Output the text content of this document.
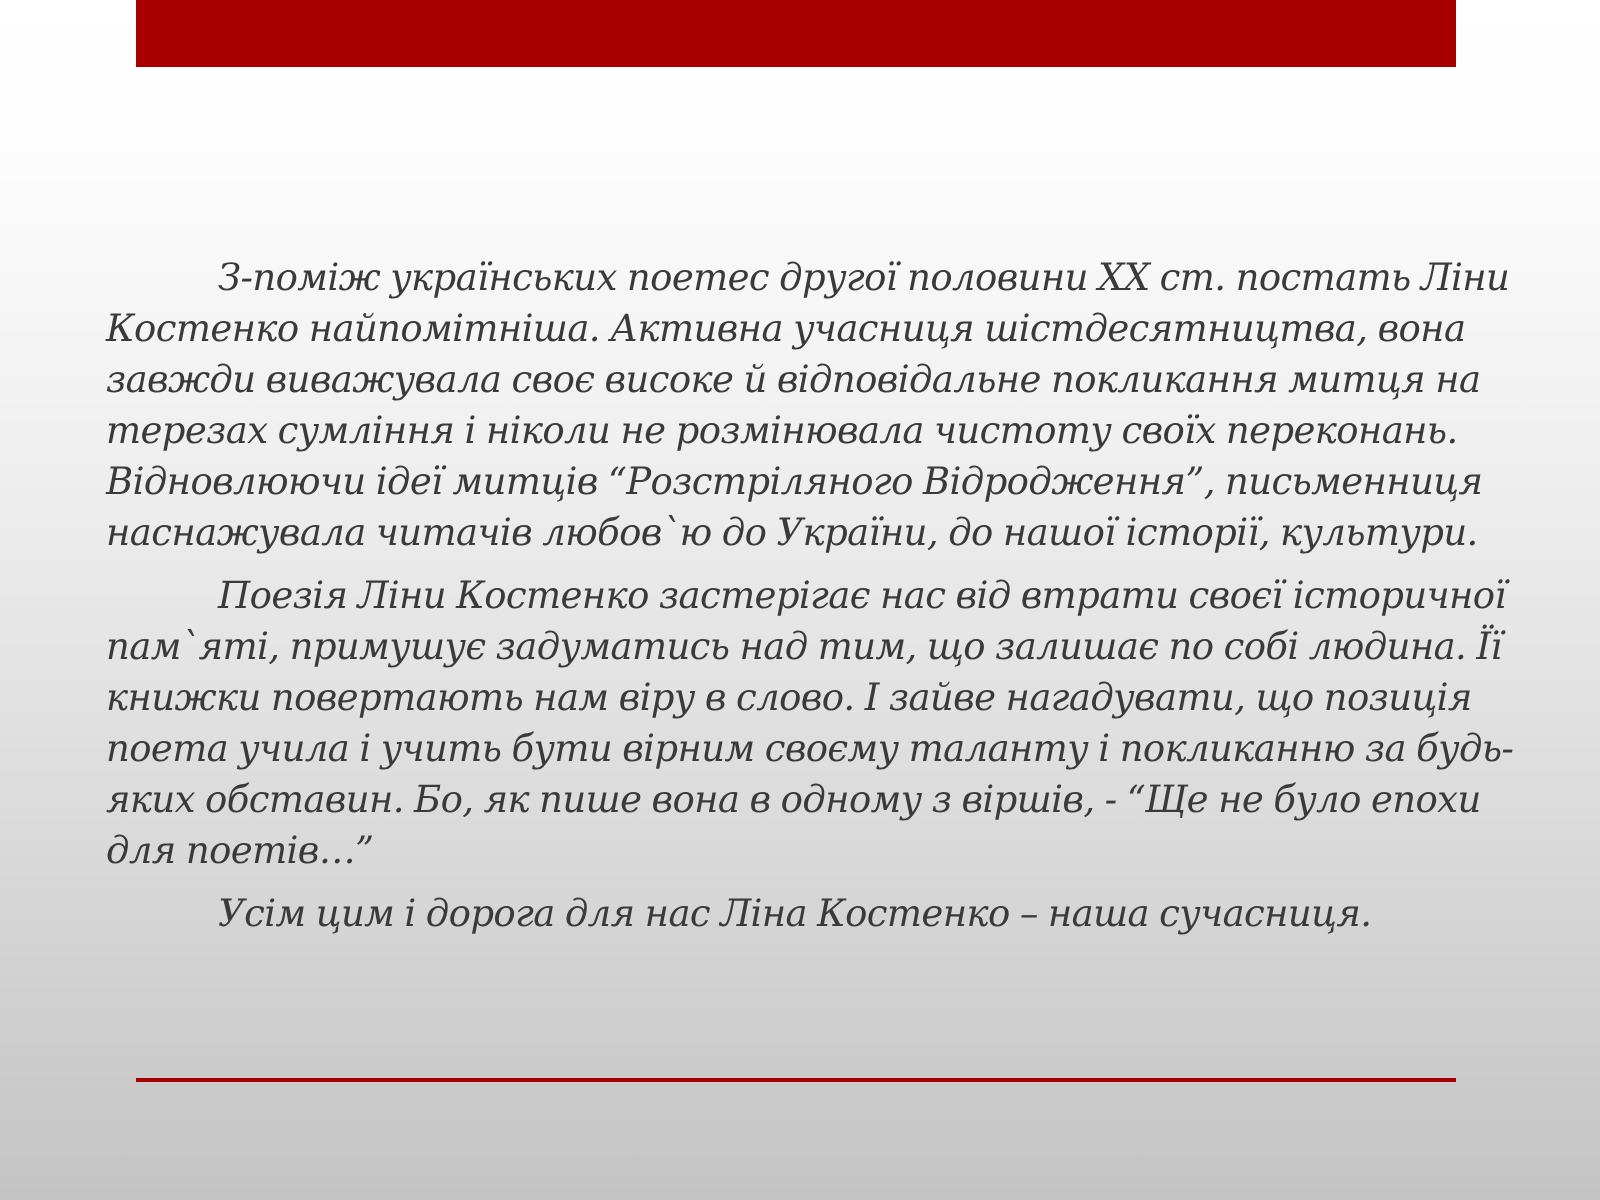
З-поміж українських поетес другої половини ХХ ст. постать Ліни Костенко найпомітніша. Активна учасниця шістдесятництва, вона завжди виважувала своє високе й відповідальне покликання митця на терезах сумління і ніколи не розмінювала чистоту своїх переконань. Відновлюючи ідеї митців “Розстріляного Відродження”, письменниця наснажувала читачів любов`ю до України, до нашої історії, культури.

Поезія Ліни Костенко застерігає нас від втрати своєї історичної пам`яті, примушує задуматись над тим, що залишає по собі людина. Її книжки повертають нам віру в слово. І зайве нагадувати, що позиція поета учила і учить бути вірним своєму таланту і покликанню за будь-яких обставин. Бо, як пише вона в одному з віршів, - “Ще не було епохи для поетів…”

Усім цим і дорога для нас Ліна Костенко – наша сучасниця.
